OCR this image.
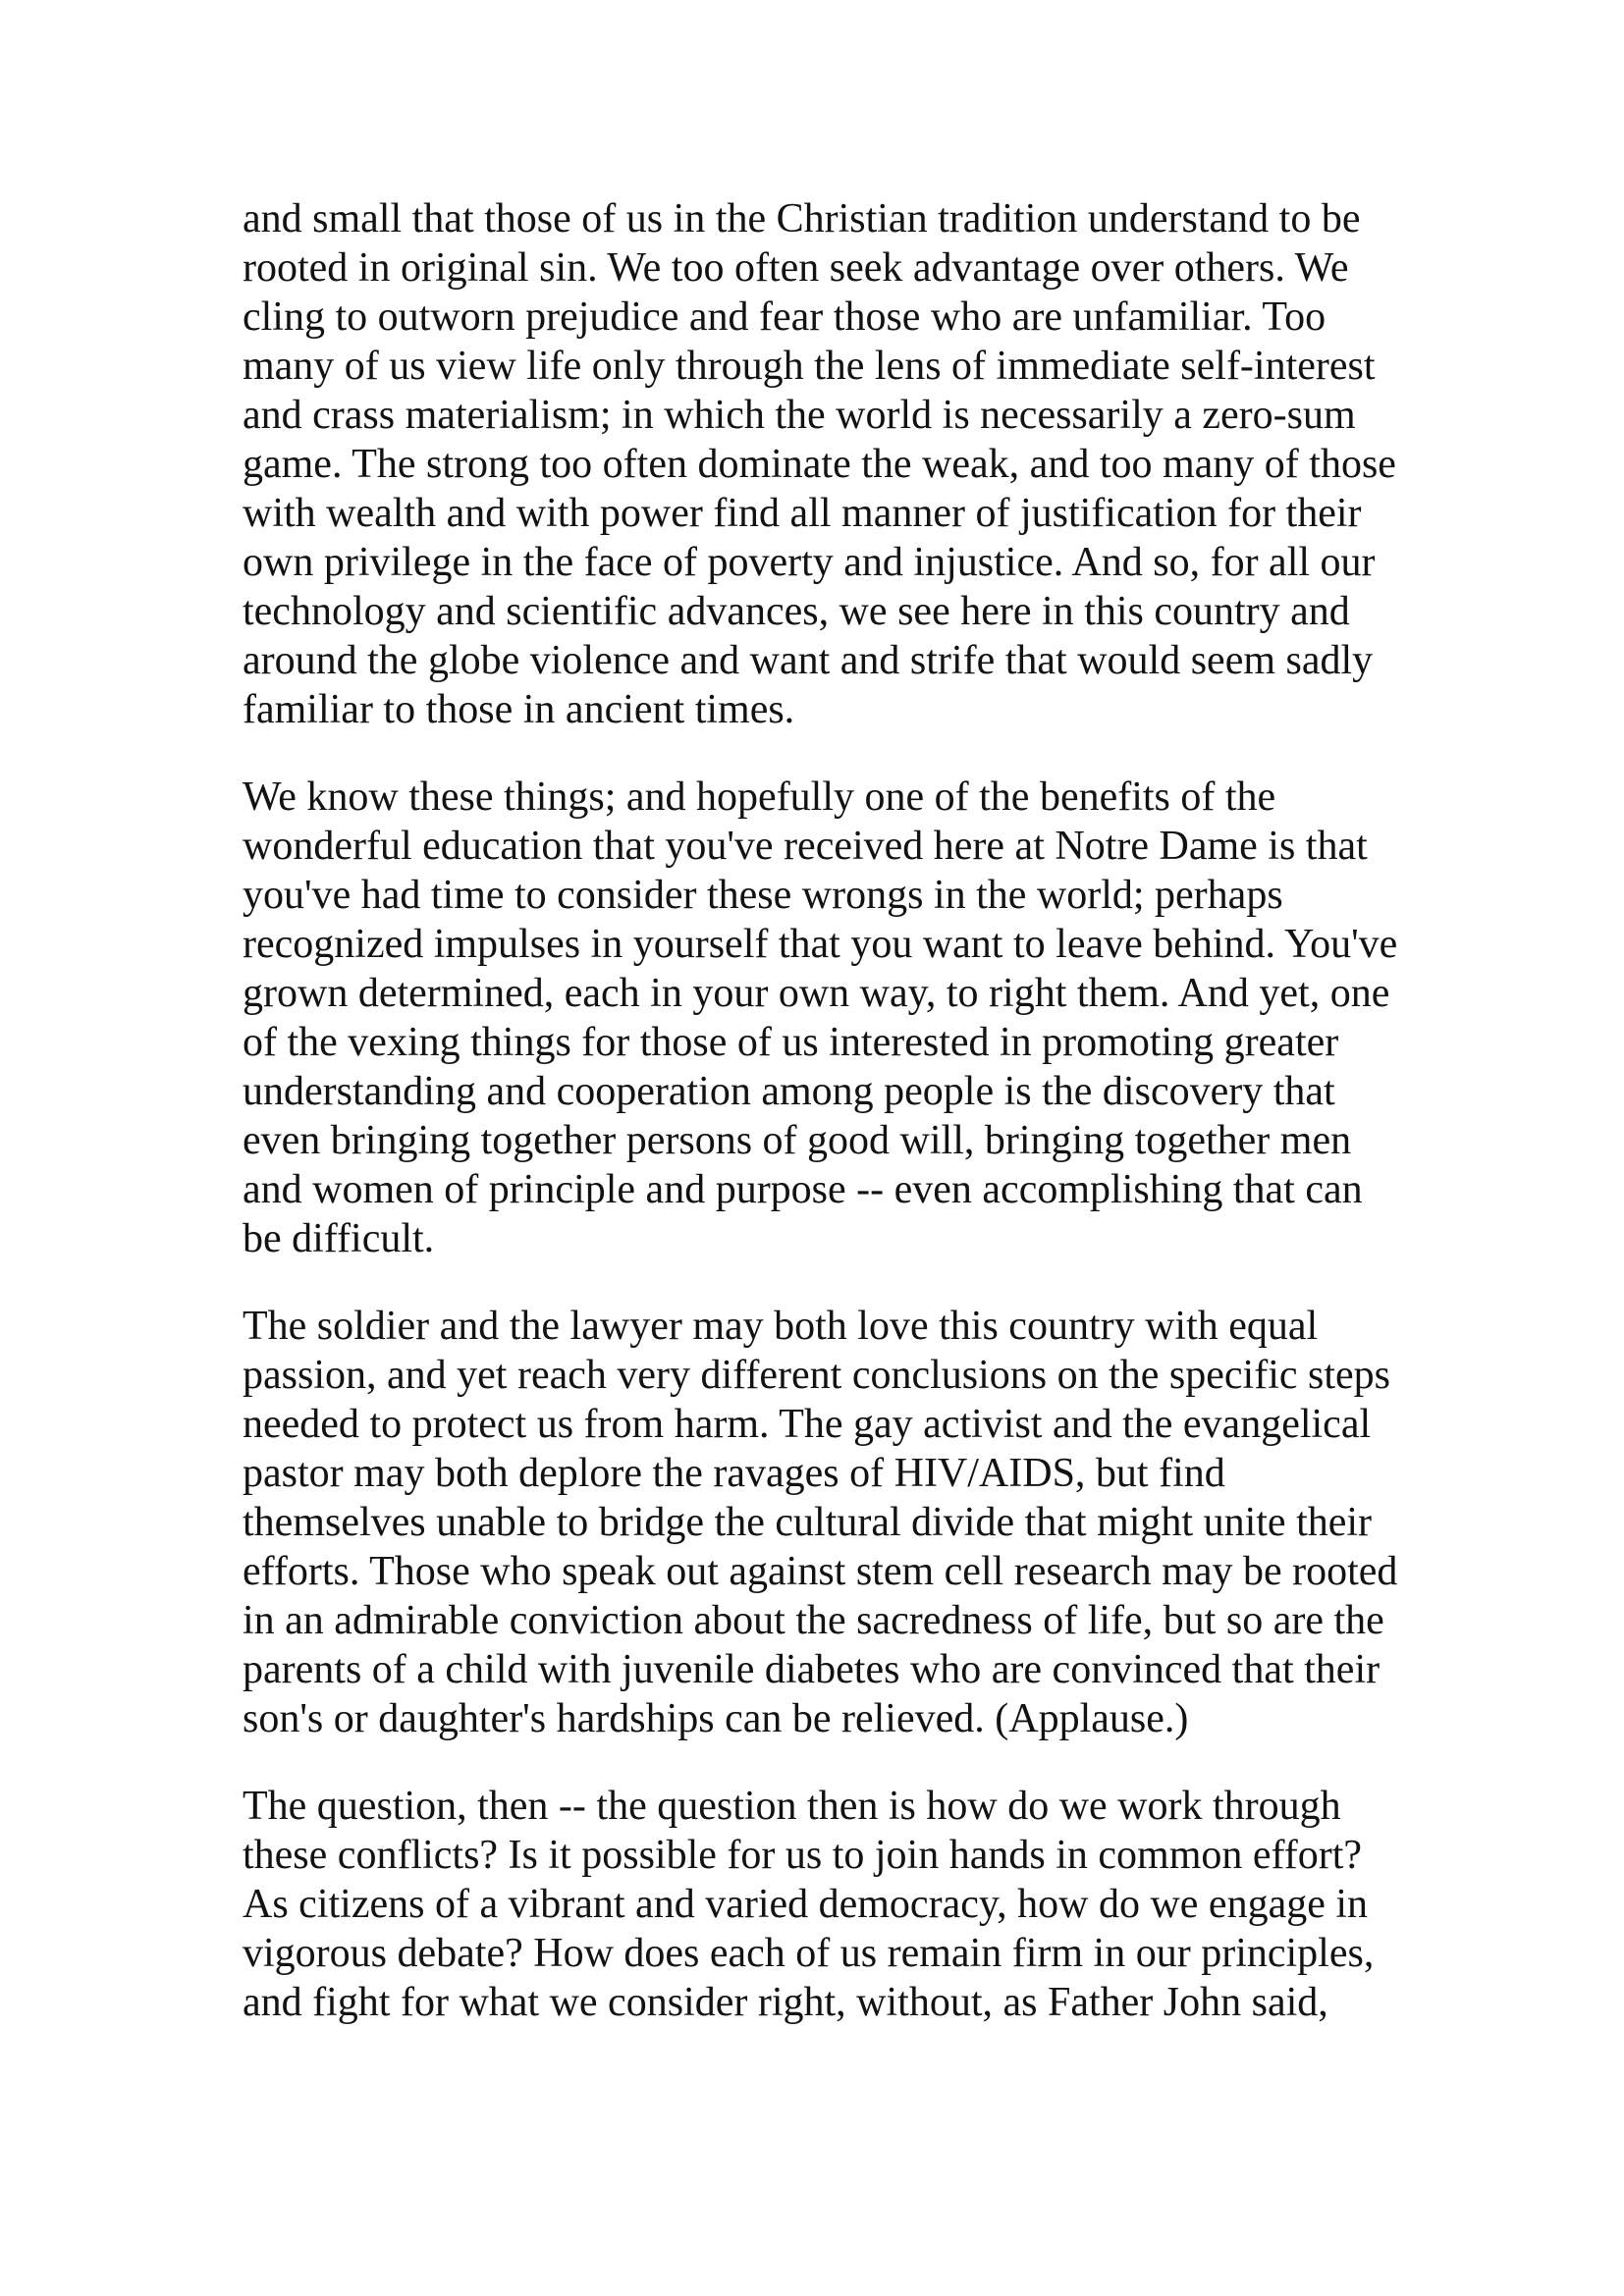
and small that those of us in the Christian tradition understand to be
rooted in original sin. We too often seek advantage over others. We
cling to outworn prejudice and fear those who are unfamiliar. Too
many of us view life only through the lens of immediate self-interest
and crass materialism; in which the world is necessarily a zero-sum
game. The strong too often dominate the weak, and too many of those
with wealth and with power find all manner of justification for their
own privilege in the face of poverty and injustice. And so, for all our
technology and scientific advances, we see here in this country and
around the globe violence and want and strife that would seem sadly
familiar to those in ancient times.
We know these things; and hopefully one of the benefits of the
wonderful education that you've received here at Notre Dame is that
you've had time to consider these wrongs in the world; perhaps
recognized impulses in yourself that you want to leave behind. You've
grown determined, each in your own way, to right them. And yet, one
of the vexing things for those of us interested in promoting greater
understanding and cooperation among people is the discovery that
even bringing together persons of good will, bringing together men
and women of principle and purpose -- even accomplishing that can
be difficult.
The soldier and the lawyer may both love this country with equal
passion, and yet reach very different conclusions on the specific steps
needed to protect us from harm. The gay activist and the evangelical
pastor may both deplore the ravages of HIV/AIDS, but find
themselves unable to bridge the cultural divide that might unite their
efforts. Those who speak out against stem cell research may be rooted
in an admirable conviction about the sacredness of life, but so are the
parents of a child with juvenile diabetes who are convinced that their
son's or daughter's hardships can be relieved. (Applause.)
The question, then -- the question then is how do we work through
these conflicts? Is it possible for us to join hands in common effort?
As citizens of a vibrant and varied democracy, how do we engage in
vigorous debate? How does each of us remain firm in our principles,
and fight for what we consider right, without, as Father John said,
